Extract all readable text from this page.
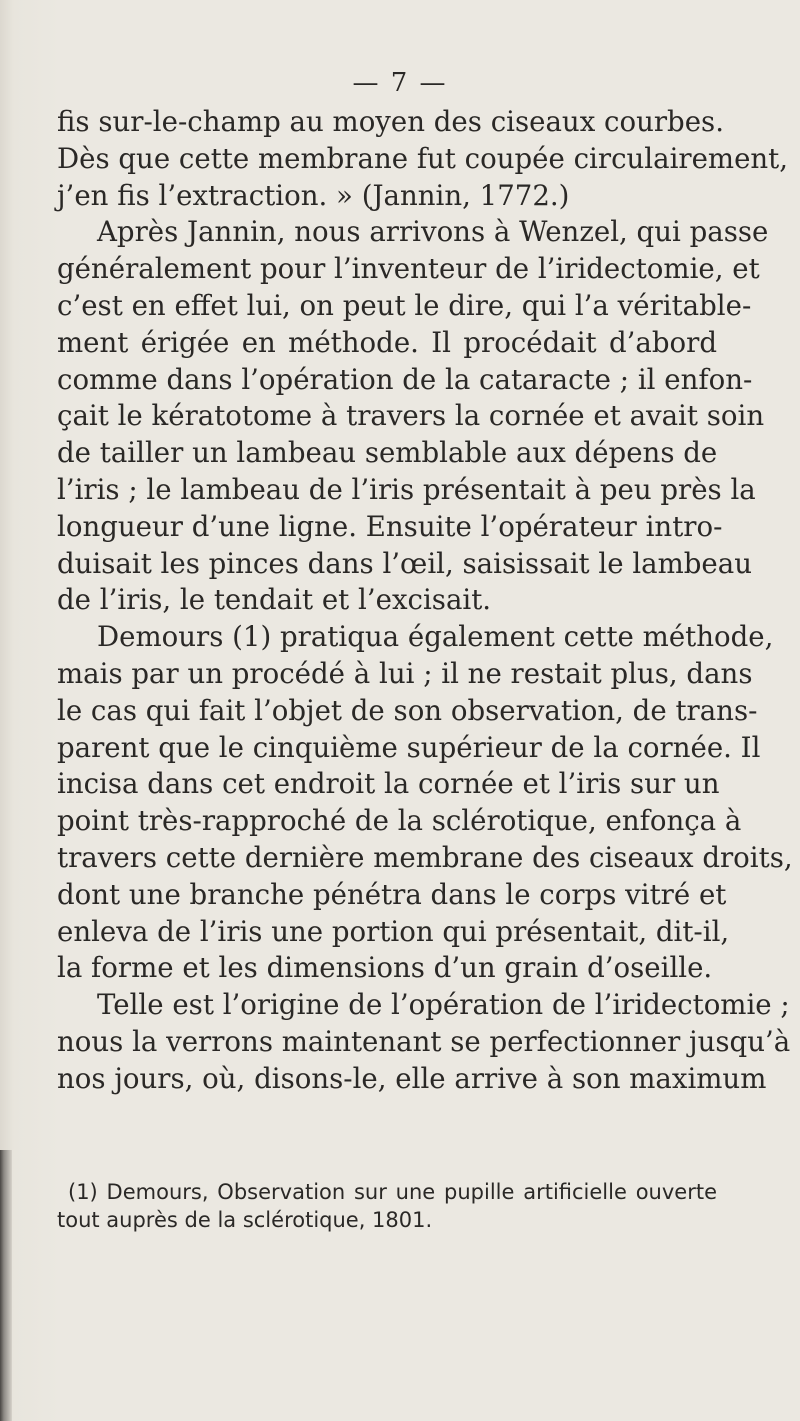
— 7 —
fis sur-le-champ au moyen des ciseaux courbes.
Dès que cette membrane fut coupée circulairement,
j’en fis l’extraction. » (Jannin, 1772.)
Après Jannin, nous arrivons à Wenzel, qui passe
généralement pour l’inventeur de l’iridectomie, et
c’est en effet lui, on peut le dire, qui l’a véritable-
ment érigée en méthode. Il procédait d’abord
comme dans l’opération de la cataracte ; il enfon-
çait le kératotome à travers la cornée et avait soin
de tailler un lambeau semblable aux dépens de
l’iris ; le lambeau de l’iris présentait à peu près la
longueur d’une ligne. Ensuite l’opérateur intro-
duisait les pinces dans l’œil, saisissait le lambeau
de l’iris, le tendait et l’excisait.
Demours (1) pratiqua également cette méthode,
mais par un procédé à lui ; il ne restait plus, dans
le cas qui fait l’objet de son observation, de trans-
parent que le cinquième supérieur de la cornée. Il
incisa dans cet endroit la cornée et l’iris sur un
point très-rapproché de la sclérotique, enfonça à
travers cette dernière membrane des ciseaux droits,
dont une branche pénétra dans le corps vitré et
enleva de l’iris une portion qui présentait, dit-il,
la forme et les dimensions d’un grain d’oseille.
Telle est l’origine de l’opération de l’iridectomie ;
nous la verrons maintenant se perfectionner jusqu’à
nos jours, où, disons-le, elle arrive à son maximum
(1) Demours, Observation sur une pupille artificielle ouverte
tout auprès de la sclérotique, 1801.
